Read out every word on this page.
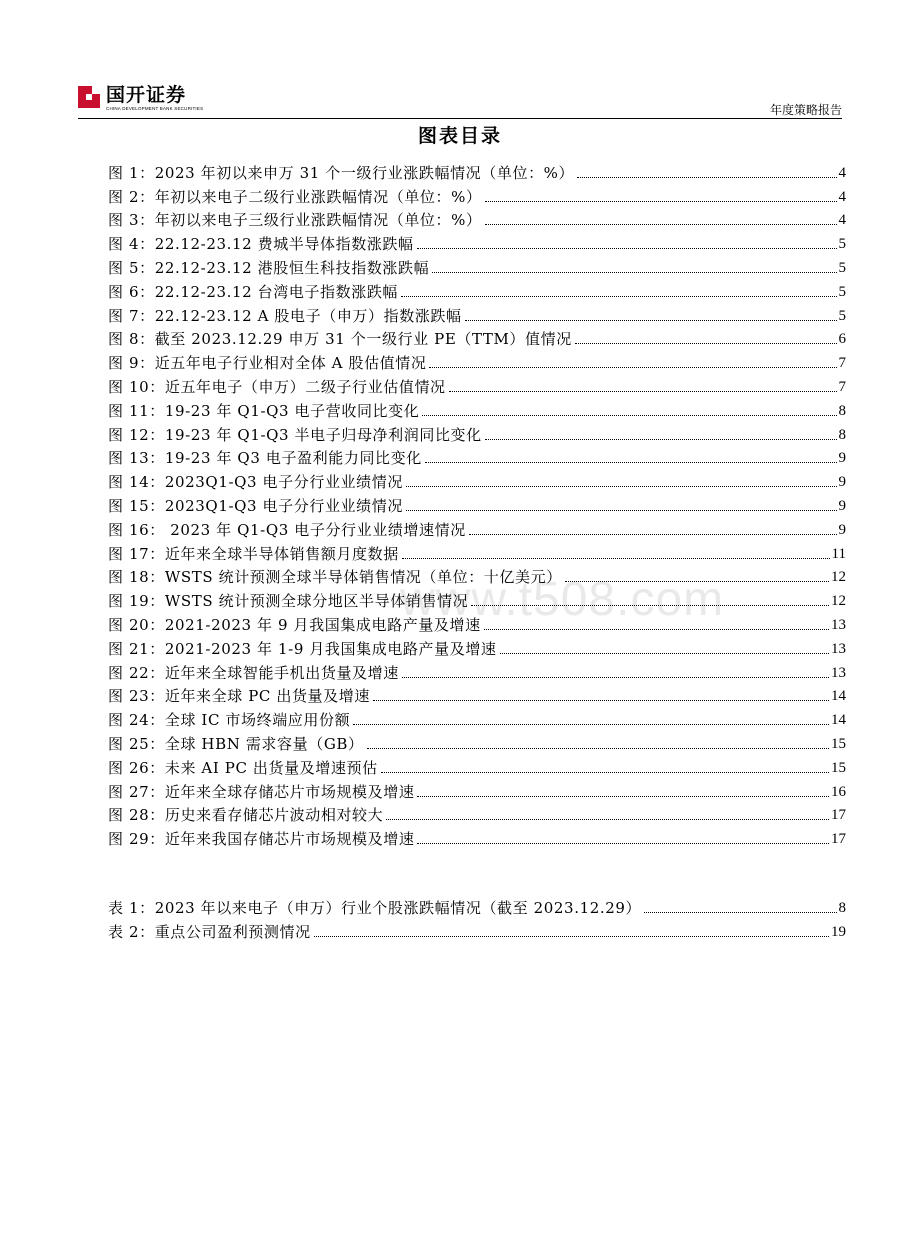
国开证券
CHINA DEVELOPMENT BANK SECURITIES	年度策略报告
图表目录
www.t508.com
图 1：2023 年初以来申万 31 个一级行业涨跌幅情况（单位：%）	4
图 2：年初以来电子二级行业涨跌幅情况（单位：%）	4
图 3：年初以来电子三级行业涨跌幅情况（单位：%）	4
图 4：22.12-23.12 费城半导体指数涨跌幅	5
图 5：22.12-23.12 港股恒生科技指数涨跌幅	5
图 6：22.12-23.12 台湾电子指数涨跌幅	5
图 7：22.12-23.12 A 股电子（申万）指数涨跌幅	5
图 8：截至 2023.12.29 申万 31 个一级行业 PE（TTM）值情况	6
图 9：近五年电子行业相对全体 A 股估值情况	7
图 10：近五年电子（申万）二级子行业估值情况	7
图 11：19-23 年 Q1-Q3 电子营收同比变化	8
图 12：19-23 年 Q1-Q3 半电子归母净利润同比变化	8
图 13：19-23 年 Q3 电子盈利能力同比变化	9
图 14：2023Q1-Q3 电子分行业业绩情况	9
图 15：2023Q1-Q3 电子分行业业绩情况	9
图 16： 2023 年 Q1-Q3 电子分行业业绩增速情况	9
图 17：近年来全球半导体销售额月度数据	11
图 18：WSTS 统计预测全球半导体销售情况（单位：十亿美元）	12
图 19：WSTS 统计预测全球分地区半导体销售情况	12
图 20：2021-2023 年 9 月我国集成电路产量及增速	13
图 21：2021-2023 年 1-9 月我国集成电路产量及增速	13
图 22：近年来全球智能手机出货量及增速	13
图 23：近年来全球 PC 出货量及增速	14
图 24：全球 IC 市场终端应用份额	14
图 25：全球 HBN 需求容量（GB）	15
图 26：未来 AI PC 出货量及增速预估	15
图 27：近年来全球存储芯片市场规模及增速	16
图 28：历史来看存储芯片波动相对较大	17
图 29：近年来我国存储芯片市场规模及增速	17
表 1：2023 年以来电子（申万）行业个股涨跌幅情况（截至 2023.12.29）	8
表 2：重点公司盈利预测情况	19
